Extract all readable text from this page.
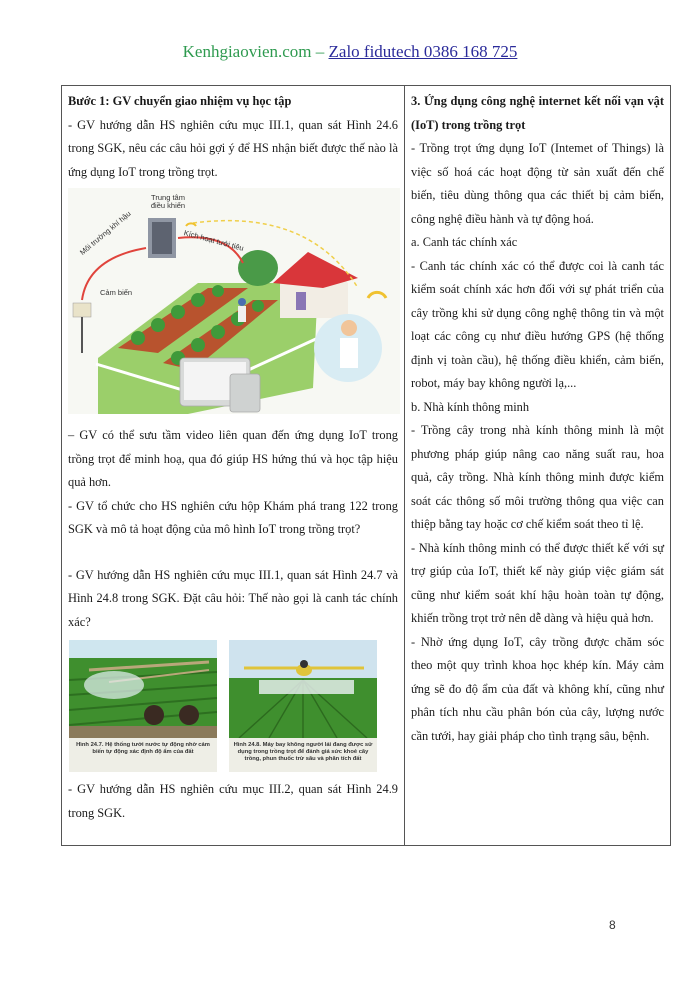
Kenhgiaovien.com – Zalo fidutech 0386 168 725

Bước 1: GV chuyển giao nhiệm vụ học tập

- GV hướng dẫn HS nghiên cứu mục III.1, quan sát Hình 24.6 trong SGK, nêu các câu hỏi gợi ý để HS nhận biết được thế nào là ứng dụng IoT trong trồng trọt.

Trung tâm điều khiển
Môi trường khí hậu	Kích hoạt tưới tiêu
Cảm biến

– GV có thể sưu tầm video liên quan đến ứng dụng IoT trong trồng trọt để minh hoạ, qua đó giúp HS hứng thú và học tập hiệu quả hơn.

- GV tổ chức cho HS nghiên cứu hộp Khám phá trang 122 trong SGK và mô tả hoạt động của mô hình IoT trong trồng trọt?

- GV hướng dẫn HS nghiên cứu mục III.1, quan sát Hình 24.7 và Hình 24.8 trong SGK. Đặt câu hỏi: Thế nào gọi là canh tác chính xác?

Hình 24.7. Hệ thống tưới nước tự động nhờ cảm biến tự động xác định độ ẩm của đất
Hình 24.8. Máy bay không người lái đang được sử dụng trong trồng trọt để đánh giá sức khoẻ cây trồng, phun thuốc trừ sâu và phân tích đất

- GV hướng dẫn HS nghiên cứu mục III.2, quan sát Hình 24.9 trong SGK.

3. Ứng dụng công nghệ internet kết nối vạn vật (IoT) trong trồng trọt

- Trồng trọt ứng dụng IoT (Intemet of Things) là việc số hoá các hoạt động từ sản xuất đến chế biến, tiêu dùng thông qua các thiết bị cảm biến, công nghệ điều hành và tự động hoá.

a. Canh tác chính xác

- Canh tác chính xác có thể được coi là canh tác kiểm soát chính xác hơn đối với sự phát triển của cây trồng khi sử dụng công nghệ thông tin và một loạt các công cụ như điều hướng GPS (hệ thống định vị toàn cầu), hệ thống điều khiển, cảm biến, robot, máy bay không người lạ,...

b. Nhà kính thông minh

- Trồng cây trong nhà kính thông minh là một phương pháp giúp nâng cao năng suất rau, hoa quả, cây trồng. Nhà kính thông minh được kiểm soát các thông số môi trường thông qua việc can thiệp bằng tay hoặc cơ chế kiểm soát theo tỉ lệ.

- Nhà kính thông minh có thể được thiết kế với sự trợ giúp của IoT, thiết kế này giúp việc giám sát cũng như kiểm soát khí hậu hoàn toàn tự động, khiến trồng trọt trở nên dễ dàng và hiệu quả hơn.

- Nhờ ứng dụng IoT, cây trồng được chăm sóc theo một quy trình khoa học khép kín. Máy cảm ứng sẽ đo độ ẩm của đất và không khí, cũng như phân tích nhu cầu phân bón của cây, lượng nước cần tưới, hay giải pháp cho tình trạng sâu, bệnh.

8
